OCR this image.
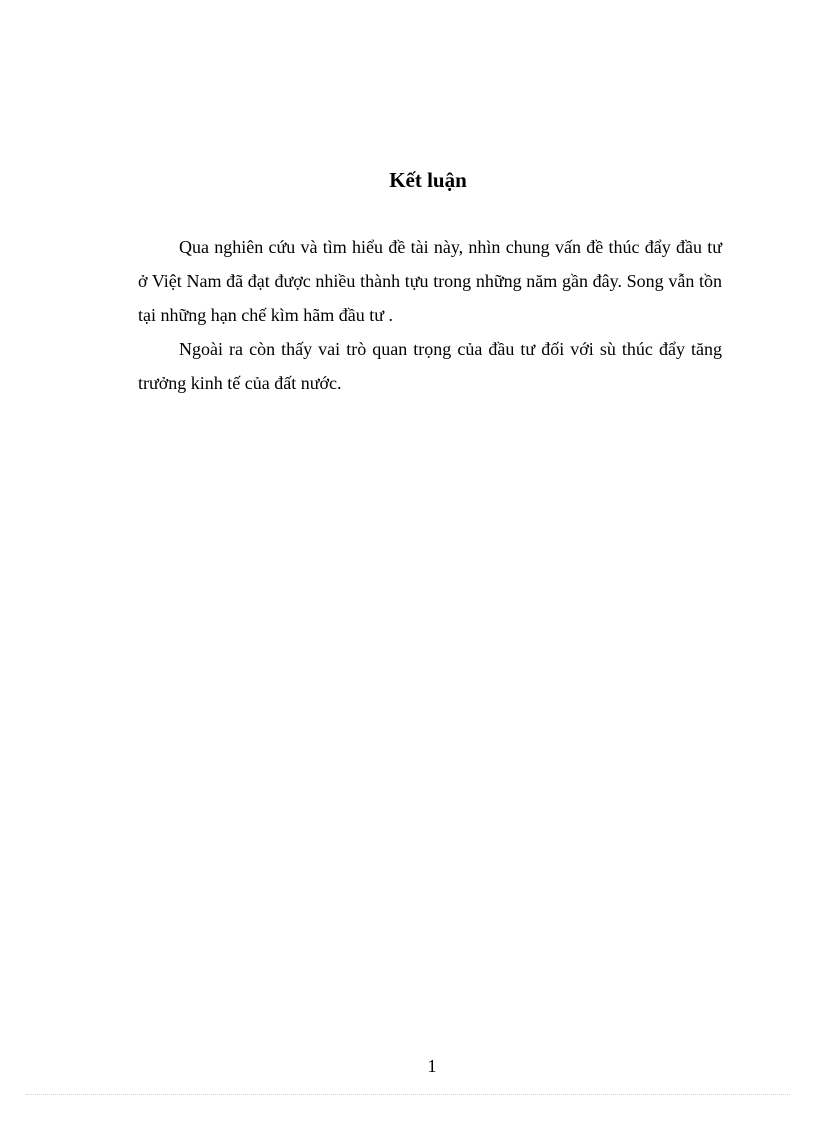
Kết luận

Qua nghiên cứu và tìm hiểu đề tài này, nhìn chung vấn đề thúc đẩy đầu tư ở Việt Nam đã đạt được nhiều thành tựu trong những năm gần đây. Song vẫn tồn tại những hạn chế kìm hãm đầu tư .

Ngoài ra còn thấy vai trò quan trọng của đầu tư đối với sù thúc đẩy tăng trưởng kinh tế của đất nước.

1
